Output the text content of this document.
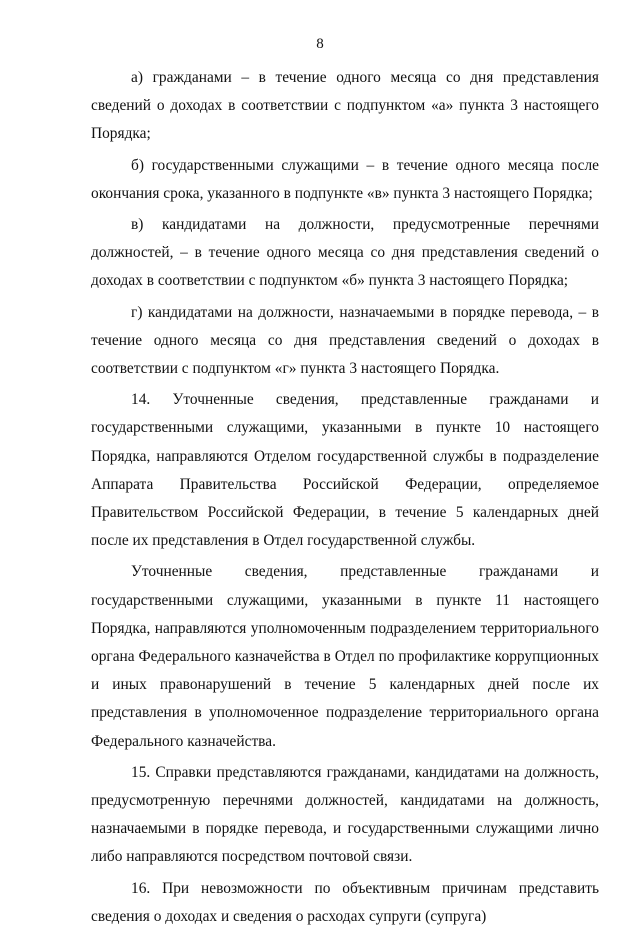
8

а) гражданами – в течение одного месяца со дня представления сведений о доходах в соответствии с подпунктом «а» пункта 3 настоящего Порядка;

б) государственными служащими – в течение одного месяца после окончания срока, указанного в подпункте «в» пункта 3 настоящего Порядка;

в) кандидатами на должности, предусмотренные перечнями должностей, – в течение одного месяца со дня представления сведений о доходах в соответствии с подпунктом «б» пункта 3 настоящего Порядка;

г) кандидатами на должности, назначаемыми в порядке перевода, – в течение одного месяца со дня представления сведений о доходах в соответствии с подпунктом «г» пункта 3 настоящего Порядка.

14. Уточненные сведения, представленные гражданами и государственными служащими, указанными в пункте 10 настоящего Порядка, направляются Отделом государственной службы в подразделение Аппарата Правительства Российской Федерации, определяемое Правительством Российской Федерации, в течение 5 календарных дней после их представления в Отдел государственной службы.

Уточненные сведения, представленные гражданами и государственными служащими, указанными в пункте 11 настоящего Порядка, направляются уполномоченным подразделением территориального органа Федерального казначейства в Отдел по профилактике коррупционных и иных правонарушений в течение 5 календарных дней после их представления в уполномоченное подразделение территориального органа Федерального казначейства.

15. Справки представляются гражданами, кандидатами на должность, предусмотренную перечнями должностей, кандидатами на должность, назначаемыми в порядке перевода, и государственными служащими лично либо направляются посредством почтовой связи.

16. При невозможности по объективным причинам представить сведения о доходах и сведения о расходах супруги (супруга)
